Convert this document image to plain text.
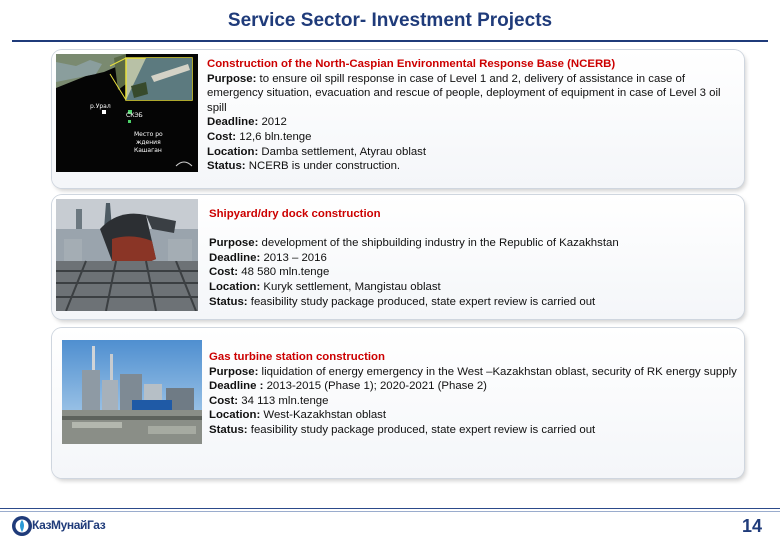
Service Sector- Investment Projects
р.Урал
СКЭБ
Место ро
ждения
Кашаган
Construction of the North-Caspian Environmental Response Base (NCERB)
Purpose: to ensure oil spill response in case of Level 1 and 2, delivery of assistance in case of emergency situation, evacuation and rescue of people, deployment of equipment in case of Level 3 oil spill
Deadline: 2012
Cost: 12,6 bln.tenge
Location: Damba settlement, Atyrau oblast
Status: NCERB is under construction.
Shipyard/dry dock construction
Purpose: development of the shipbuilding industry in the Republic of Kazakhstan
Deadline: 2013 – 2016
Cost: 48 580 mln.tenge
Location: Kuryk settlement, Mangistau oblast
Status: feasibility study package produced, state expert review is carried out
Gas turbine station construction
Purpose: liquidation of energy emergency in the West –Kazakhstan oblast, security of RK energy supply
Deadline : 2013-2015 (Phase 1); 2020-2021 (Phase 2)
Cost: 34 113 mln.tenge
Location: West-Kazakhstan oblast
Status: feasibility study package produced, state expert review is carried out
КазМунайГаз	14
